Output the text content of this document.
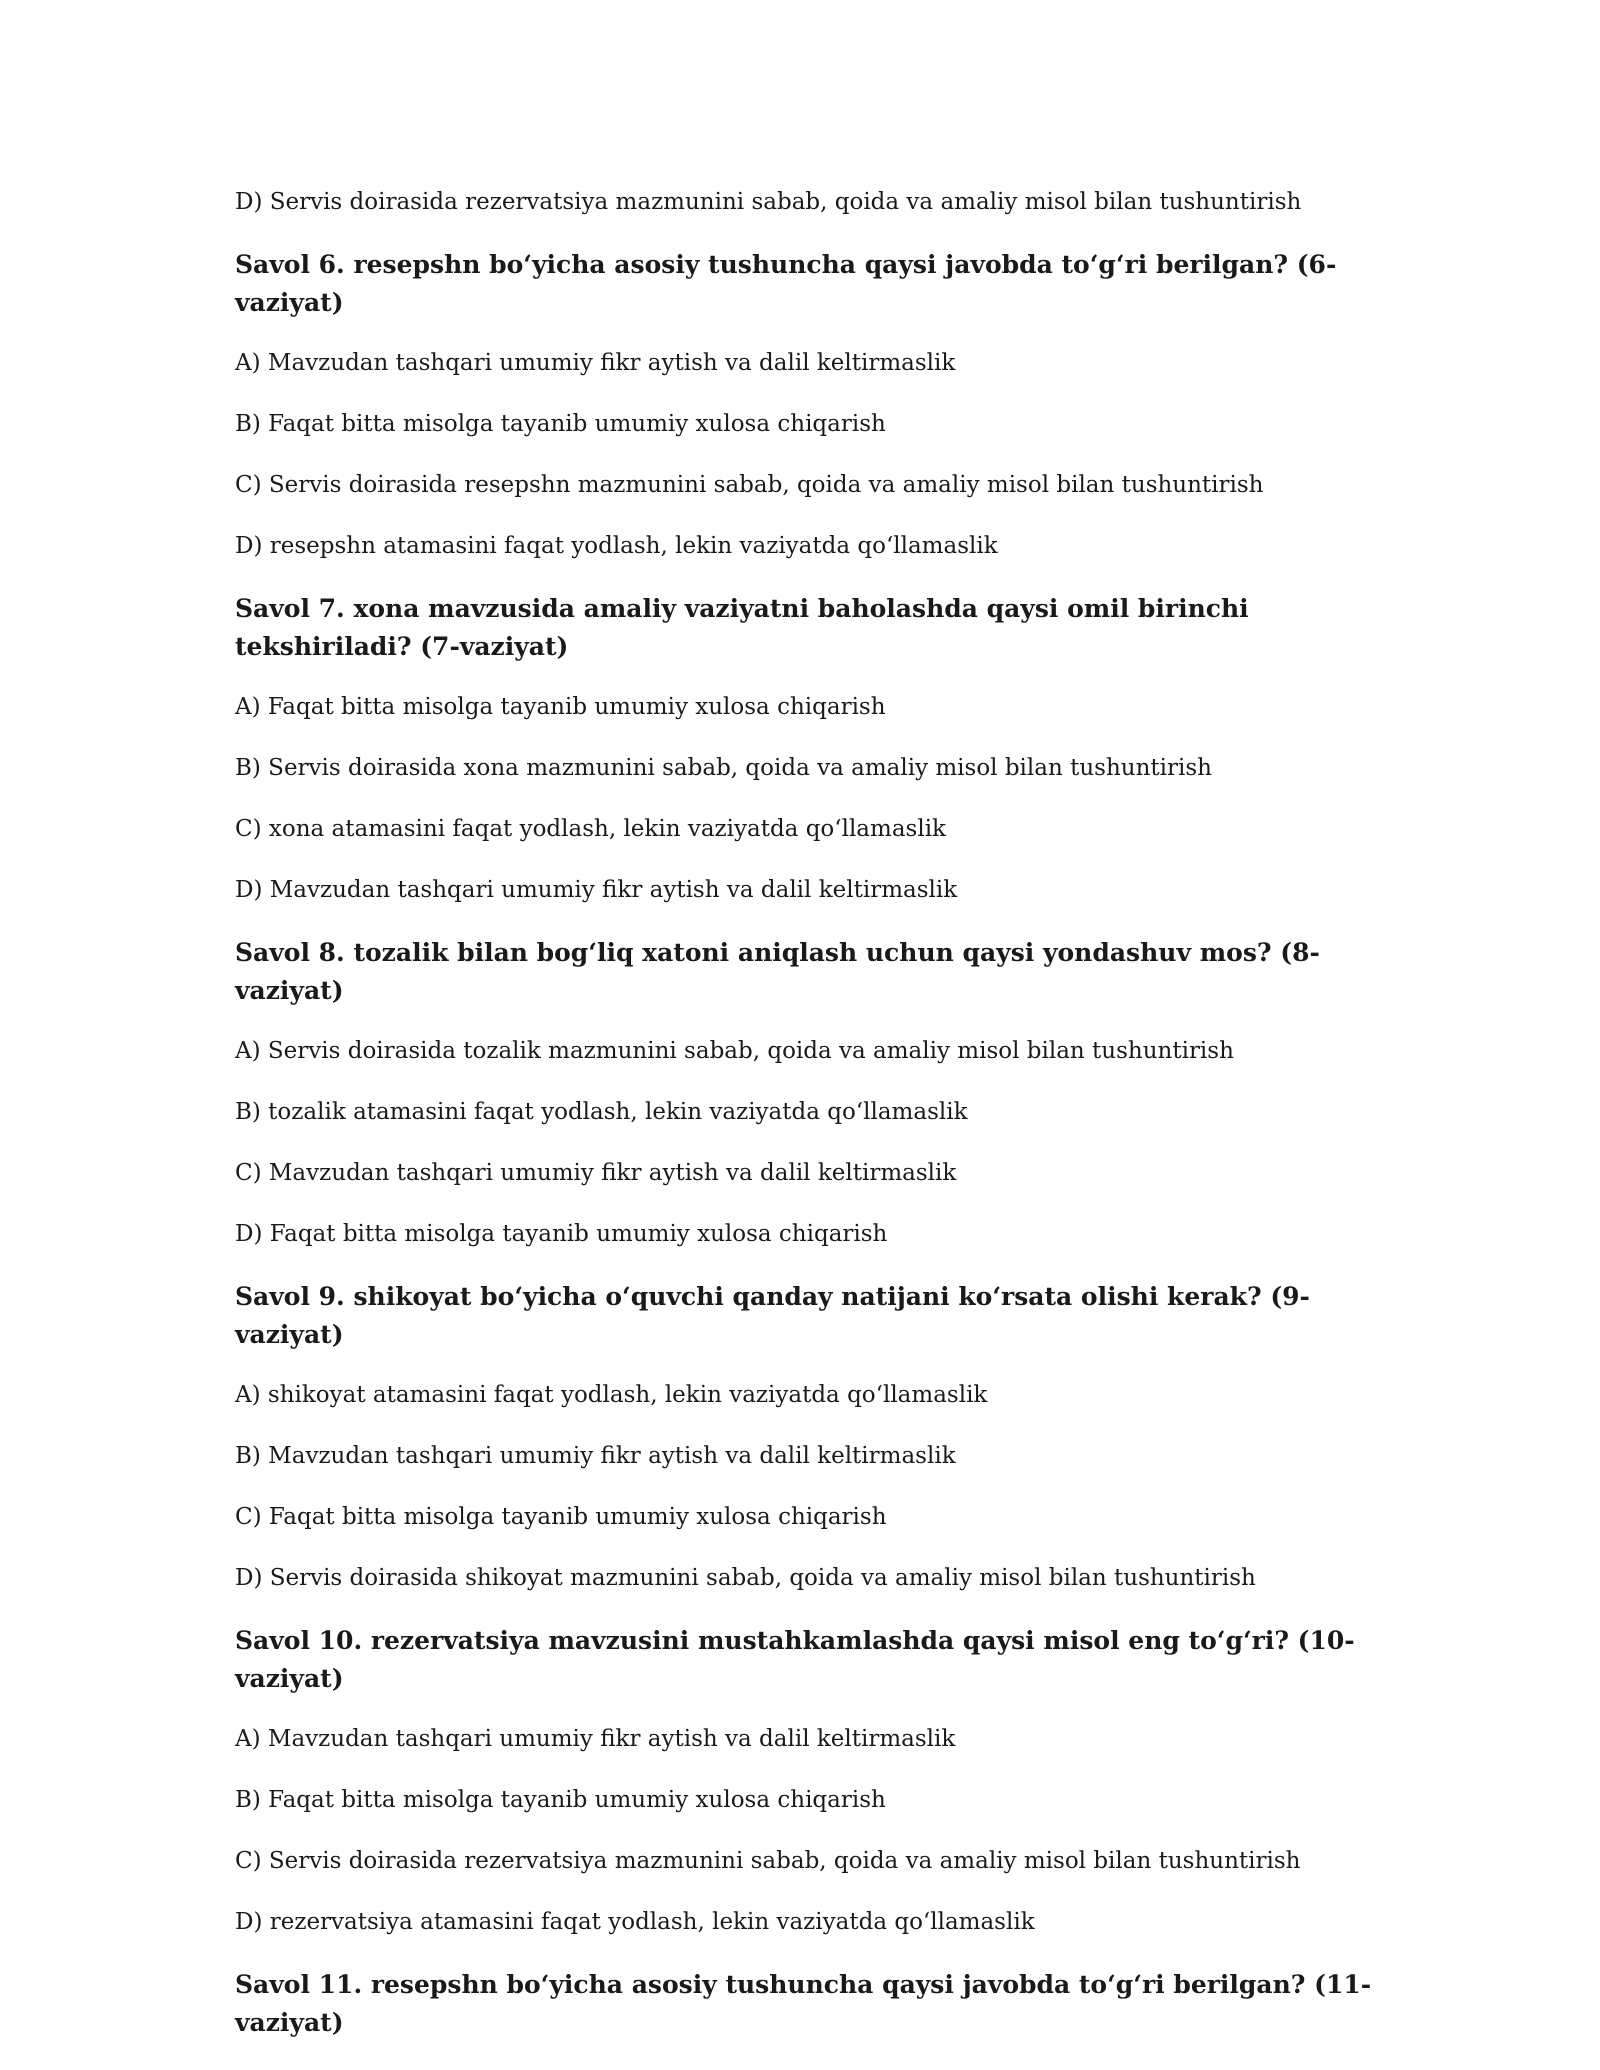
D) Servis doirasida rezervatsiya mazmunini sabab, qoida va amaliy misol bilan tushuntirish
Savol 6. resepshn bo‘yicha asosiy tushuncha qaysi javobda to‘g‘ri berilgan? (6-vaziyat)
A) Mavzudan tashqari umumiy fikr aytish va dalil keltirmaslik
B) Faqat bitta misolga tayanib umumiy xulosa chiqarish
C) Servis doirasida resepshn mazmunini sabab, qoida va amaliy misol bilan tushuntirish
D) resepshn atamasini faqat yodlash, lekin vaziyatda qo‘llamaslik
Savol 7. xona mavzusida amaliy vaziyatni baholashda qaysi omil birinchi tekshiriladi? (7-vaziyat)
A) Faqat bitta misolga tayanib umumiy xulosa chiqarish
B) Servis doirasida xona mazmunini sabab, qoida va amaliy misol bilan tushuntirish
C) xona atamasini faqat yodlash, lekin vaziyatda qo‘llamaslik
D) Mavzudan tashqari umumiy fikr aytish va dalil keltirmaslik
Savol 8. tozalik bilan bog‘liq xatoni aniqlash uchun qaysi yondashuv mos? (8-vaziyat)
A) Servis doirasida tozalik mazmunini sabab, qoida va amaliy misol bilan tushuntirish
B) tozalik atamasini faqat yodlash, lekin vaziyatda qo‘llamaslik
C) Mavzudan tashqari umumiy fikr aytish va dalil keltirmaslik
D) Faqat bitta misolga tayanib umumiy xulosa chiqarish
Savol 9. shikoyat bo‘yicha o‘quvchi qanday natijani ko‘rsata olishi kerak? (9-vaziyat)
A) shikoyat atamasini faqat yodlash, lekin vaziyatda qo‘llamaslik
B) Mavzudan tashqari umumiy fikr aytish va dalil keltirmaslik
C) Faqat bitta misolga tayanib umumiy xulosa chiqarish
D) Servis doirasida shikoyat mazmunini sabab, qoida va amaliy misol bilan tushuntirish
Savol 10. rezervatsiya mavzusini mustahkamlashda qaysi misol eng to‘g‘ri? (10-vaziyat)
A) Mavzudan tashqari umumiy fikr aytish va dalil keltirmaslik
B) Faqat bitta misolga tayanib umumiy xulosa chiqarish
C) Servis doirasida rezervatsiya mazmunini sabab, qoida va amaliy misol bilan tushuntirish
D) rezervatsiya atamasini faqat yodlash, lekin vaziyatda qo‘llamaslik
Savol 11. resepshn bo‘yicha asosiy tushuncha qaysi javobda to‘g‘ri berilgan? (11-vaziyat)
